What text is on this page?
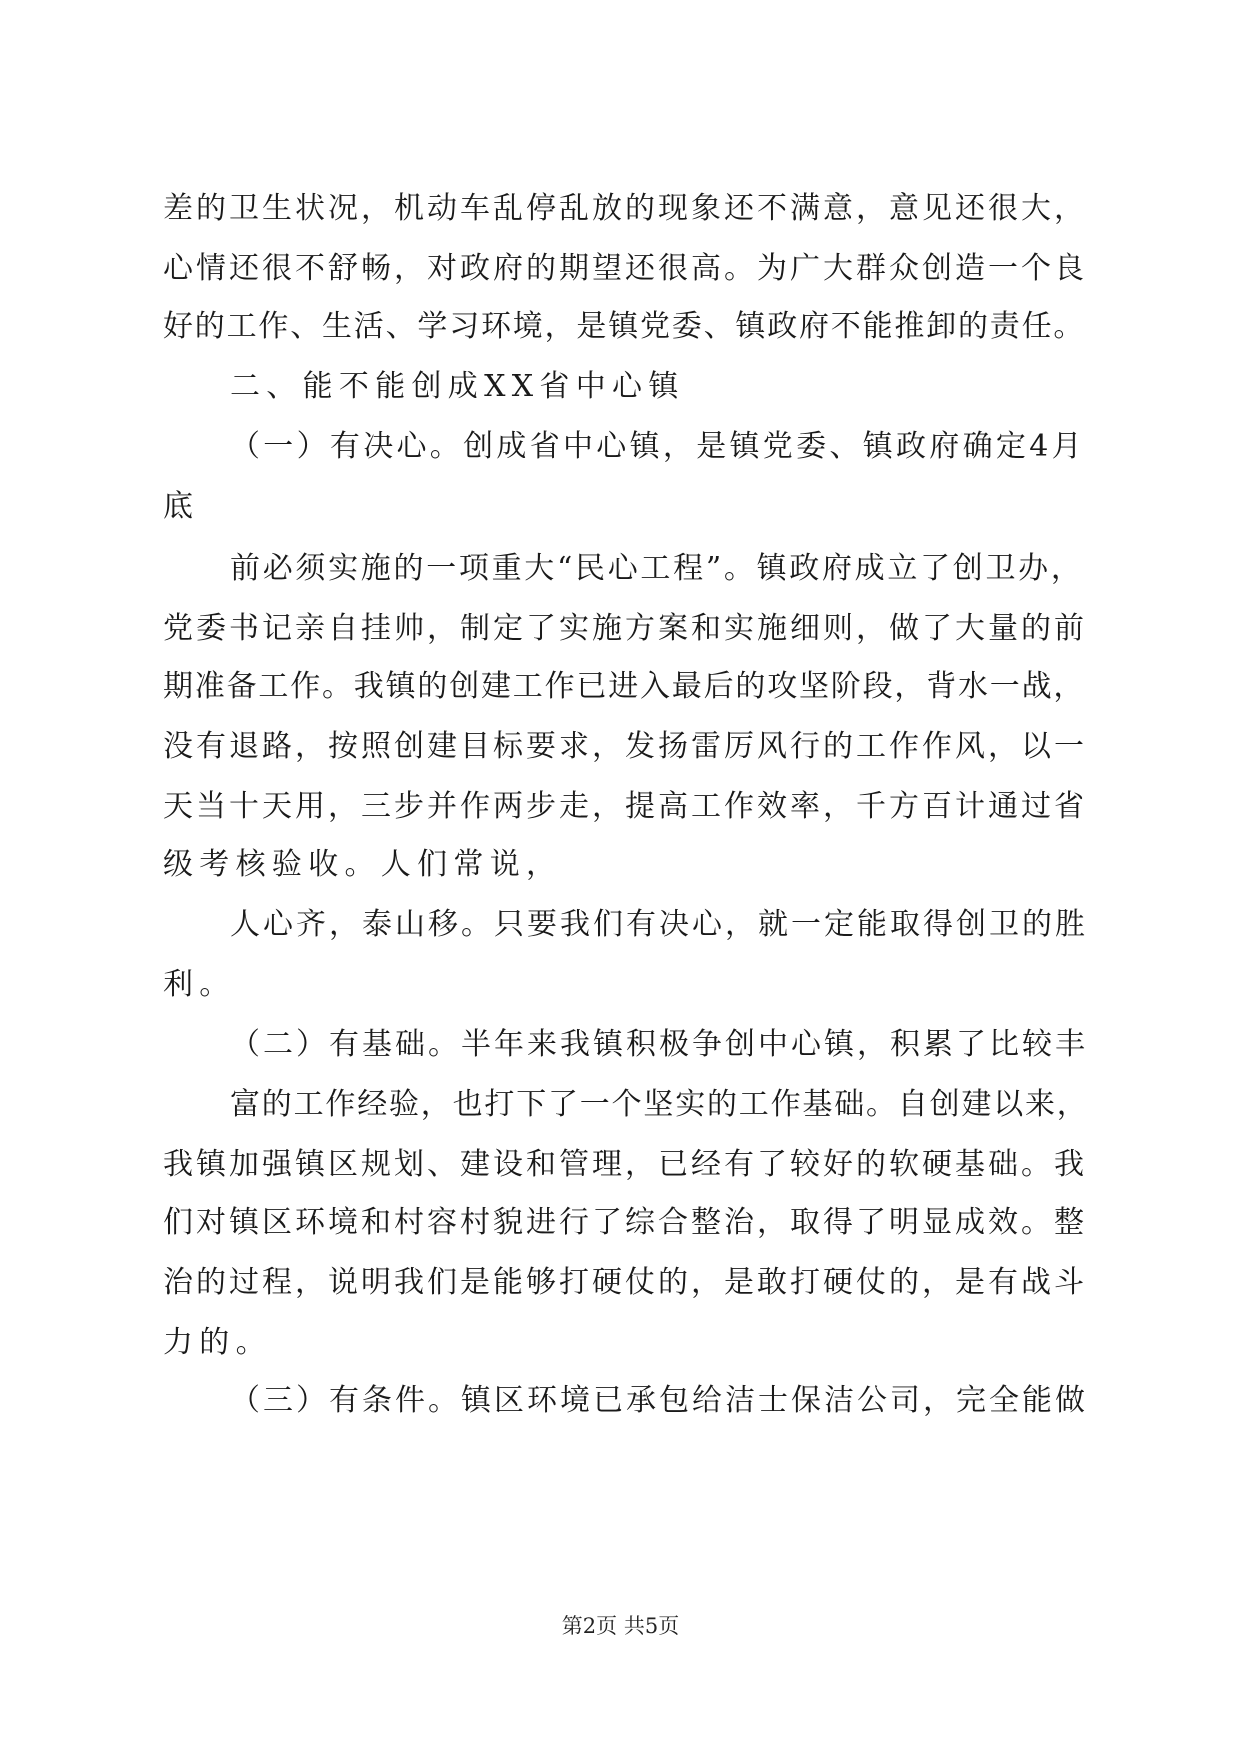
差的卫生状况，机动车乱停乱放的现象还不满意，意见还很大，
心情还很不舒畅，对政府的期望还很高。为广大群众创造一个良
好的工作、生活、学习环境，是镇党委、镇政府不能推卸的责任。
二、能不能创成XX省中心镇
（一）有决心。创成省中心镇，是镇党委、镇政府确定4月
底
前必须实施的一项重大“民心工程”。镇政府成立了创卫办，
党委书记亲自挂帅，制定了实施方案和实施细则，做了大量的前
期准备工作。我镇的创建工作已进入最后的攻坚阶段，背水一战，
没有退路，按照创建目标要求，发扬雷厉风行的工作作风，以一
天当十天用，三步并作两步走，提高工作效率，千方百计通过省
级考核验收。人们常说，
人心齐，泰山移。只要我们有决心，就一定能取得创卫的胜
利。
（二）有基础。半年来我镇积极争创中心镇，积累了比较丰
富的工作经验，也打下了一个坚实的工作基础。自创建以来，
我镇加强镇区规划、建设和管理，已经有了较好的软硬基础。我
们对镇区环境和村容村貌进行了综合整治，取得了明显成效。整
治的过程，说明我们是能够打硬仗的，是敢打硬仗的，是有战斗
力的。
（三）有条件。镇区环境已承包给洁士保洁公司，完全能做
第2页 共5页
